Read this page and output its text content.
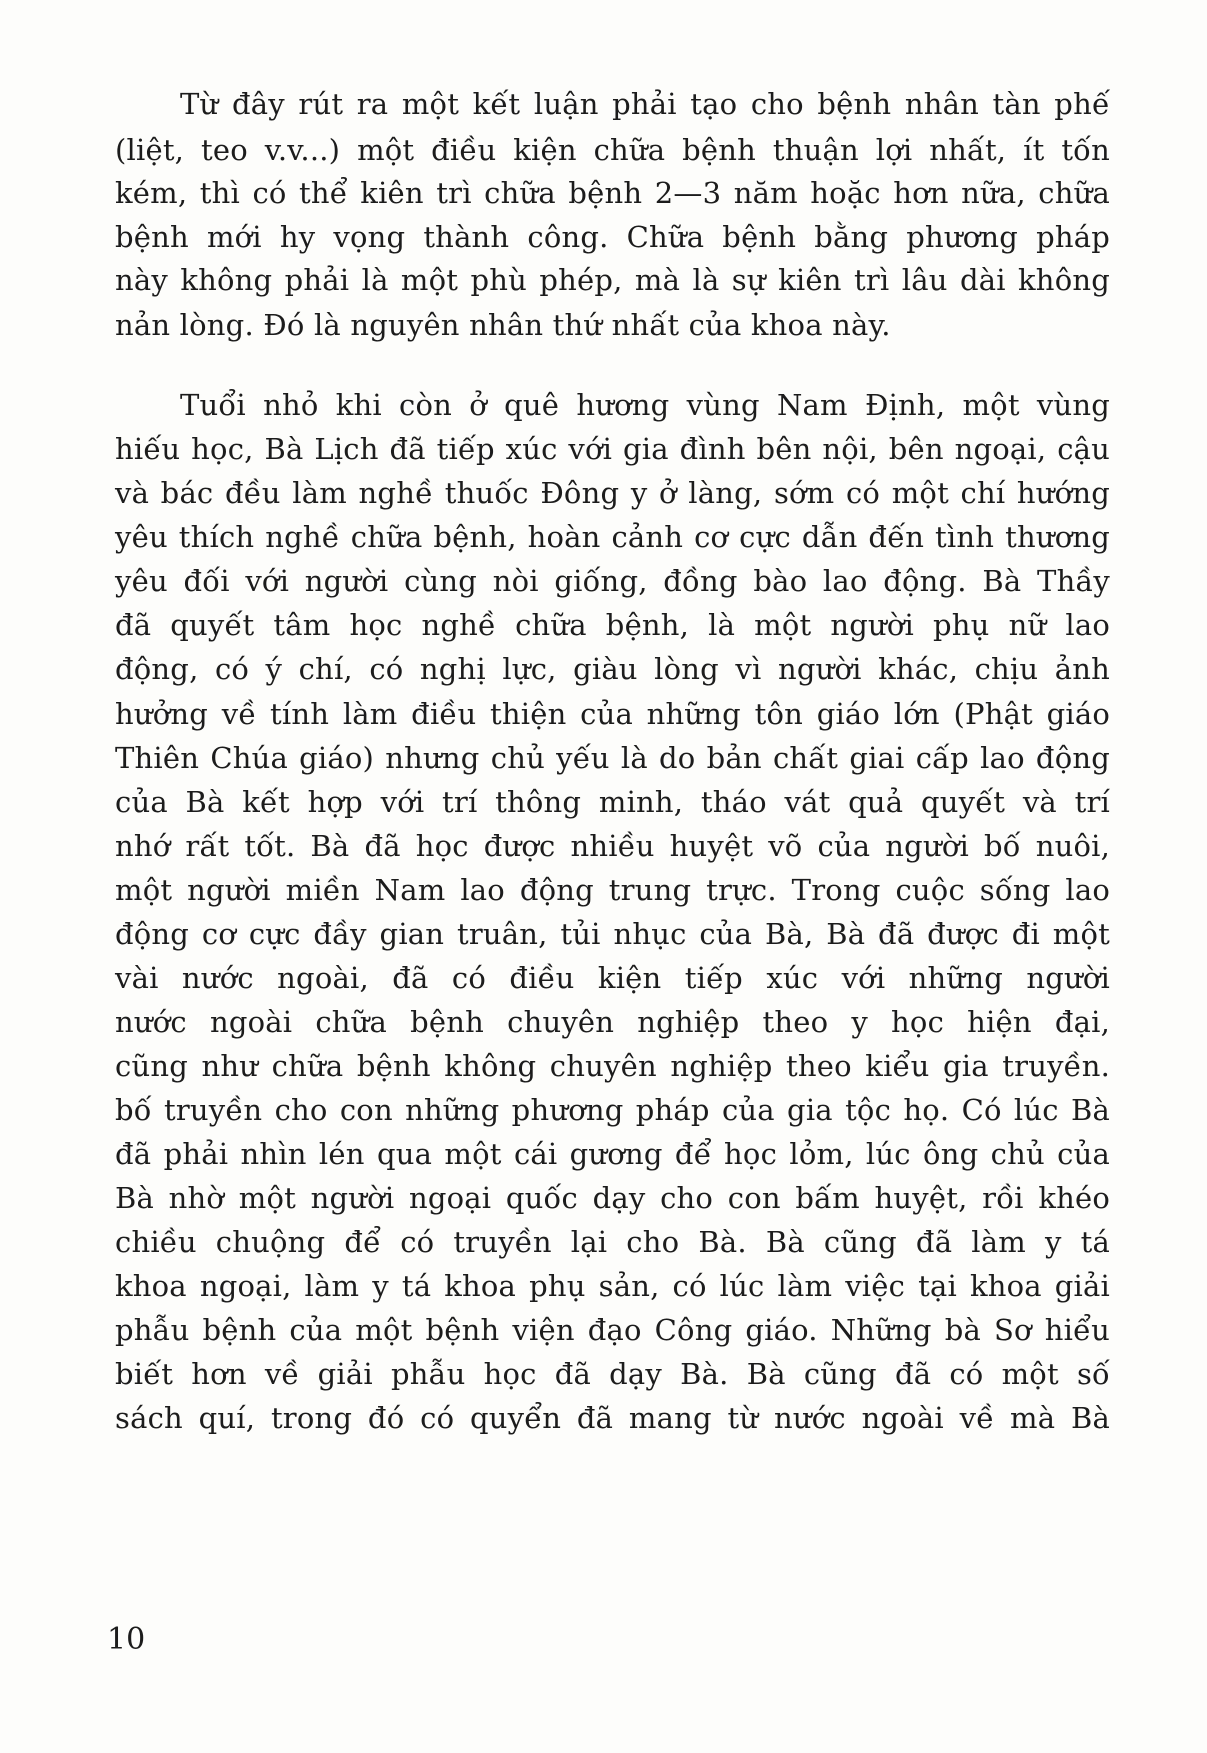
Từ đây rút ra một kết luận phải tạo cho bệnh nhân tàn phế
(liệt, teo v.v...) một điều kiện chữa bệnh thuận lợi nhất, ít tốn
kém, thì có thể kiên trì chữa bệnh 2—3 năm hoặc hơn nữa, chữa
bệnh mới hy vọng thành công. Chữa bệnh bằng phương pháp
này không phải là một phù phép, mà là sự kiên trì lâu dài không
nản lòng. Đó là nguyên nhân thứ nhất của khoa này.
Tuổi nhỏ khi còn ở quê hương vùng Nam Định, một vùng
hiếu học, Bà Lịch đã tiếp xúc với gia đình bên nội, bên ngoại, cậu
và bác đều làm nghề thuốc Đông y ở làng, sớm có một chí hướng
yêu thích nghề chữa bệnh, hoàn cảnh cơ cực dẫn đến tình thương
yêu đối với người cùng nòi giống, đồng bào lao động. Bà Thầy
đã quyết tâm học nghề chữa bệnh, là một người phụ nữ lao
động, có ý chí, có nghị lực, giàu lòng vì người khác, chịu ảnh
hưởng về tính làm điều thiện của những tôn giáo lớn (Phật giáo
Thiên Chúa giáo) nhưng chủ yếu là do bản chất giai cấp lao động
của Bà kết hợp với trí thông minh, tháo vát quả quyết và trí
nhớ rất tốt. Bà đã học được nhiều huyệt võ của người bố nuôi,
một người miền Nam lao động trung trực. Trong cuộc sống lao
động cơ cực đầy gian truân, tủi nhục của Bà, Bà đã được đi một
vài nước ngoài, đã có điều kiện tiếp xúc với những người
nước ngoài chữa bệnh chuyên nghiệp theo y học hiện đại,
cũng như chữa bệnh không chuyên nghiệp theo kiểu gia truyền.
bố truyền cho con những phương pháp của gia tộc họ. Có lúc Bà
đã phải nhìn lén qua một cái gương để học lỏm, lúc ông chủ của
Bà nhờ một người ngoại quốc dạy cho con bấm huyệt, rồi khéo
chiều chuộng để có truyền lại cho Bà. Bà cũng đã làm y tá
khoa ngoại, làm y tá khoa phụ sản, có lúc làm việc tại khoa giải
phẫu bệnh của một bệnh viện đạo Công giáo. Những bà Sơ hiểu
biết hơn về giải phẫu học đã dạy Bà. Bà cũng đã có một số
sách quí, trong đó có quyển đã mang từ nước ngoài về mà Bà
10
